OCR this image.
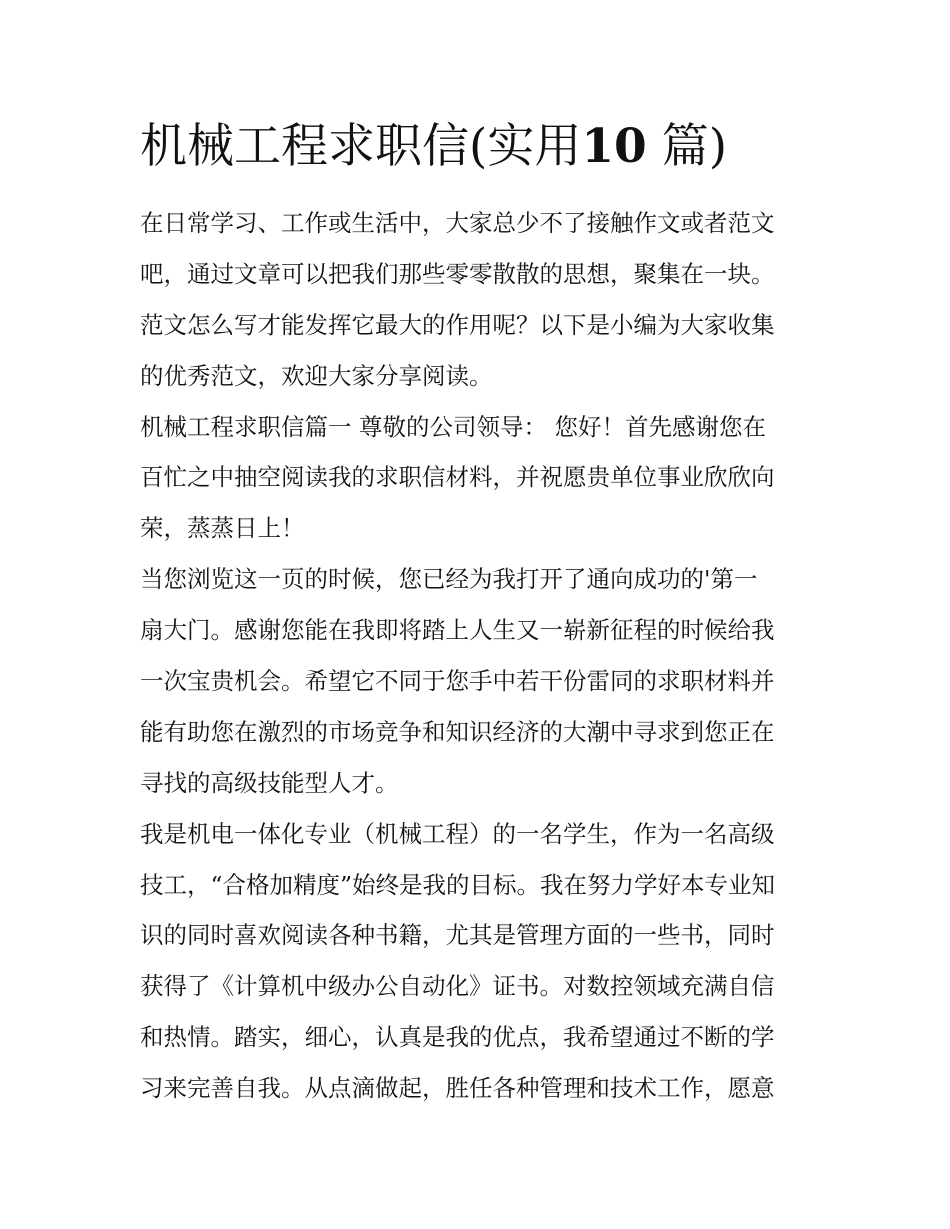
机械工程求职信(实用10 篇)
在日常学习、工作或生活中，大家总少不了接触作文或者范文
吧，通过文章可以把我们那些零零散散的思想，聚集在一块。
范文怎么写才能发挥它最大的作用呢？以下是小编为大家收集
的优秀范文，欢迎大家分享阅读。
机械工程求职信篇一 尊敬的公司领导： 您好！首先感谢您在
百忙之中抽空阅读我的求职信材料，并祝愿贵单位事业欣欣向
荣，蒸蒸日上！
当您浏览这一页的时候，您已经为我打开了通向成功的'第一
扇大门。感谢您能在我即将踏上人生又一崭新征程的时候给我
一次宝贵机会。希望它不同于您手中若干份雷同的求职材料并
能有助您在激烈的市场竞争和知识经济的大潮中寻求到您正在
寻找的高级技能型人才。
我是机电一体化专业（机械工程）的一名学生，作为一名高级
技工，“合格加精度”始终是我的目标。我在努力学好本专业知
识的同时喜欢阅读各种书籍，尤其是管理方面的一些书，同时
获得了《计算机中级办公自动化》证书。对数控领域充满自信
和热情。踏实，细心，认真是我的优点，我希望通过不断的学
习来完善自我。从点滴做起，胜任各种管理和技术工作，愿意
